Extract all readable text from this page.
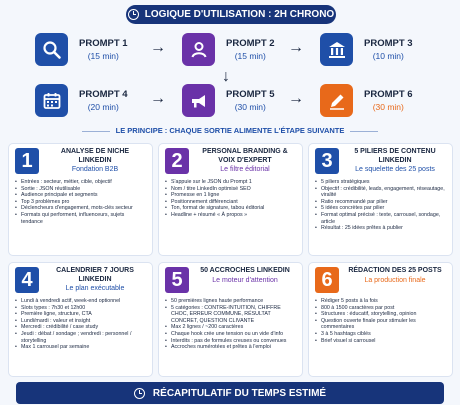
LOGIQUE D'UTILISATION : 2H CHRONO
PROMPT 1
(15 min)	→	PROMPT 2
(15 min)	→	PROMPT 3
(10 min)
↓
PROMPT 4
(20 min)	→	PROMPT 5
(30 min)	→	PROMPT 6
(30 min)
LE PRINCIPE : CHAQUE SORTIE ALIMENTE L'ÉTAPE SUIVANTE
1	ANALYSE DE NICHE LINKEDIN
Fondation B2B
• Entrées : secteur, métier, cible, objectif
• Sortie : JSON réutilisable
• Audience principale et segments
• Top 3 problèmes pro
• Déclencheurs d'engagement, mots-clés secteur
• Formats qui performent, influenceurs, sujets tendance
2	PERSONAL BRANDING & VOIX D'EXPERT
Le filtre éditorial
• S'appuie sur le JSON du Prompt 1
• Nom / titre LinkedIn optimisé SEO
• Promesse en 1 ligne
• Positionnement différenciant
• Ton, format de signature, tabou éditorial
• Headline + résumé « À propos »
3	5 PILIERS DE CONTENU LINKEDIN
Le squelette des 25 posts
• 5 piliers stratégiques
• Objectif : crédibilité, leads, engagement, réseautage, viralité
• Ratio recommandé par pilier
• 5 idées concrètes par pilier
• Format optimal précisé : texte, carrousel, sondage, article
• Résultat : 25 idées prêtes à publier
4	CALENDRIER 7 JOURS LINKEDIN
Le plan exécutable
• Lundi à vendredi actif, week-end optionnel
• Slots types : 7h30 et 12h00
• Première ligne, structure, CTA
• Lundi/mardi : valeur et insight
• Mercredi : crédibilité / case study
• Jeudi : débat / sondage ; vendredi : personnel / storytelling
• Max 1 carrousel par semaine
5	50 ACCROCHES LINKEDIN
Le moteur d'attention
• 50 premières lignes haute performance
• 5 catégories : CONTRE-INTUITION, CHIFFRE CHOC, ERREUR COMMUNE, RÉSULTAT CONCRET, QUESTION CLIVANTE
• Max 2 lignes / ~200 caractères
• Chaque hook crée une tension ou un vide d'info
• Interdits : pas de formules creuses ou convenues
• Accroches numérotées et prêtes à l'emploi
6	RÉDACTION DES 25 POSTS
La production finale
• Rédiger 5 posts à la fois
• 800 à 1500 caractères par post
• Structures : éducatif, storytelling, opinion
• Question ouverte finale pour stimuler les commentaires
• 3 à 5 hashtags ciblés
• Brief visuel si carrousel
RÉCAPITULATIF DU TEMPS ESTIMÉ
